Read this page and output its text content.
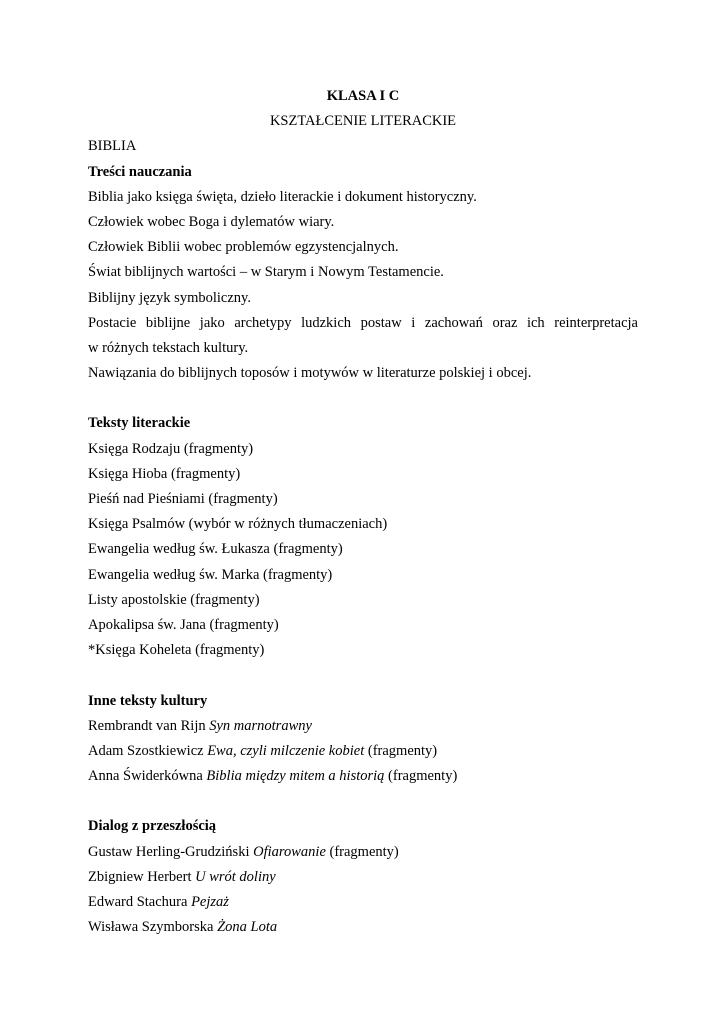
KLASA I C
KSZTAŁCENIE LITERACKIE
BIBLIA
Treści nauczania
Biblia jako księga święta, dzieło literackie i dokument historyczny.
Człowiek wobec Boga i dylematów wiary.
Człowiek Biblii wobec problemów egzystencjalnych.
Świat biblijnych wartości – w Starym i Nowym Testamencie.
Biblijny język symboliczny.
Postacie biblijne jako archetypy ludzkich postaw i zachowań oraz ich reinterpretacja
w różnych tekstach kultury.
Nawiązania do biblijnych toposów i motywów w literaturze polskiej i obcej.
Teksty literackie
Księga Rodzaju (fragmenty)
Księga Hioba (fragmenty)
Pieśń nad Pieśniami (fragmenty)
Księga Psalmów (wybór w różnych tłumaczeniach)
Ewangelia według św. Łukasza (fragmenty)
Ewangelia według św. Marka (fragmenty)
Listy apostolskie (fragmenty)
Apokalipsa św. Jana (fragmenty)
*Księga Koheleta (fragmenty)
Inne teksty kultury
Rembrandt van Rijn Syn marnotrawny
Adam Szostkiewicz Ewa, czyli milczenie kobiet (fragmenty)
Anna Świderkówna Biblia między mitem a historią (fragmenty)
Dialog z przeszłością
Gustaw Herling-Grudziński Ofiarowanie (fragmenty)
Zbigniew Herbert U wrót doliny
Edward Stachura Pejzaż
Wisława Szymborska Żona Lota
